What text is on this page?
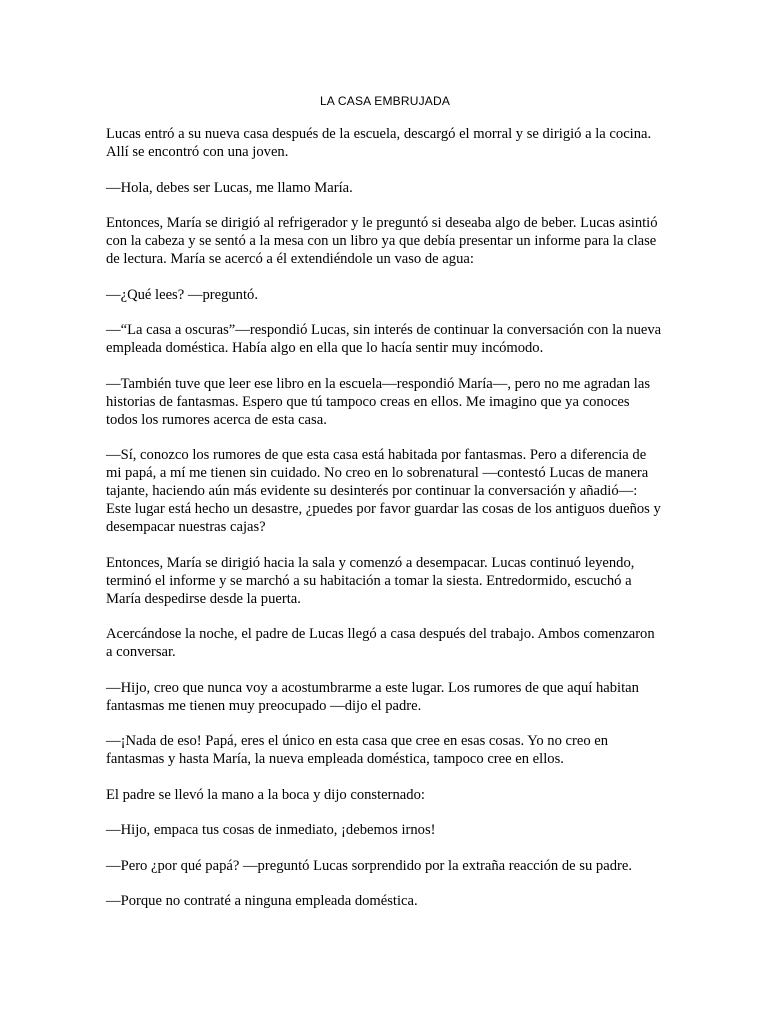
LA CASA EMBRUJADA

Lucas entró a su nueva casa después de la escuela, descargó el morral y se dirigió a la cocina. Allí se encontró con una joven.

—Hola, debes ser Lucas, me llamo María.

Entonces, María se dirigió al refrigerador y le preguntó si deseaba algo de beber. Lucas asintió con la cabeza y se sentó a la mesa con un libro ya que debía presentar un informe para la clase de lectura. María se acercó a él extendiéndole un vaso de agua:

—¿Qué lees? —preguntó.

—“La casa a oscuras”—respondió Lucas, sin interés de continuar la conversación con la nueva empleada doméstica. Había algo en ella que lo hacía sentir muy incómodo.

—También tuve que leer ese libro en la escuela—respondió María—, pero no me agradan las historias de fantasmas. Espero que tú tampoco creas en ellos. Me imagino que ya conoces todos los rumores acerca de esta casa.

—Sí, conozco los rumores de que esta casa está habitada por fantasmas. Pero a diferencia de mi papá, a mí me tienen sin cuidado. No creo en lo sobrenatural —contestó Lucas de manera tajante, haciendo aún más evidente su desinterés por continuar la conversación y añadió—: Este lugar está hecho un desastre, ¿puedes por favor guardar las cosas de los antiguos dueños y desempacar nuestras cajas?

Entonces, María se dirigió hacia la sala y comenzó a desempacar. Lucas continuó leyendo, terminó el informe y se marchó a su habitación a tomar la siesta. Entredormido, escuchó a María despedirse desde la puerta.

Acercándose la noche, el padre de Lucas llegó a casa después del trabajo. Ambos comenzaron a conversar.

—Hijo, creo que nunca voy a acostumbrarme a este lugar. Los rumores de que aquí habitan fantasmas me tienen muy preocupado —dijo el padre.

—¡Nada de eso! Papá, eres el único en esta casa que cree en esas cosas. Yo no creo en fantasmas y hasta María, la nueva empleada doméstica, tampoco cree en ellos.

El padre se llevó la mano a la boca y dijo consternado:

—Hijo, empaca tus cosas de inmediato, ¡debemos irnos!

—Pero ¿por qué papá? —preguntó Lucas sorprendido por la extraña reacción de su padre.

—Porque no contraté a ninguna empleada doméstica.
